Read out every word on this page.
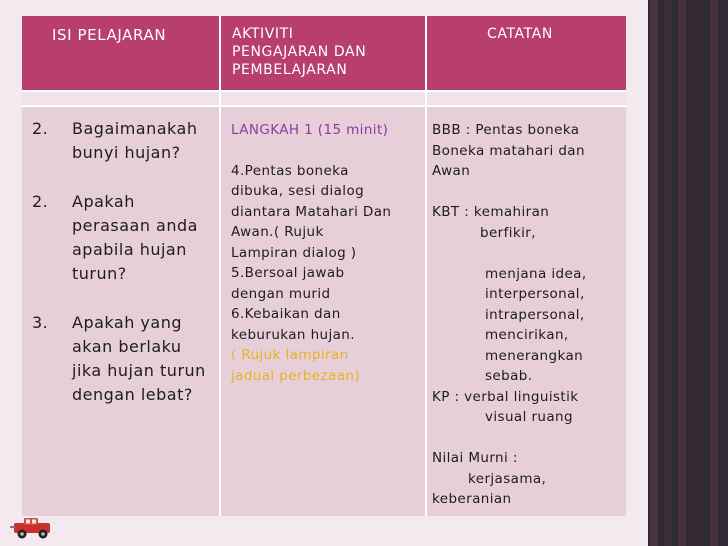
ISI PELAJARAN	AKTIVITI
PENGAJARAN DAN
PEMBELAJARAN
CATATAN
2. Bagaimanakah
bunyi hujan?
2. Apakah
perasaan anda
apabila hujan
turun?
3. Apakah yang
akan berlaku
jika hujan turun
dengan lebat?
LANGKAH 1 (15 minit)
4.Pentas boneka
dibuka, sesi dialog
diantara Matahari Dan
Awan.( Rujuk
Lampiran dialog )
5.Bersoal jawab
dengan murid
6.Kebaikan dan
keburukan hujan.
( Rujuk lampiran
jadual perbezaan)
BBB : Pentas boneka
Boneka matahari dan
Awan
KBT : kemahiran
berfikir,
menjana idea,
interpersonal,
intrapersonal,
mencirikan,
menerangkan
sebab.
KP : verbal linguistik
visual ruang
Nilai Murni :
kerjasama,
keberanian
